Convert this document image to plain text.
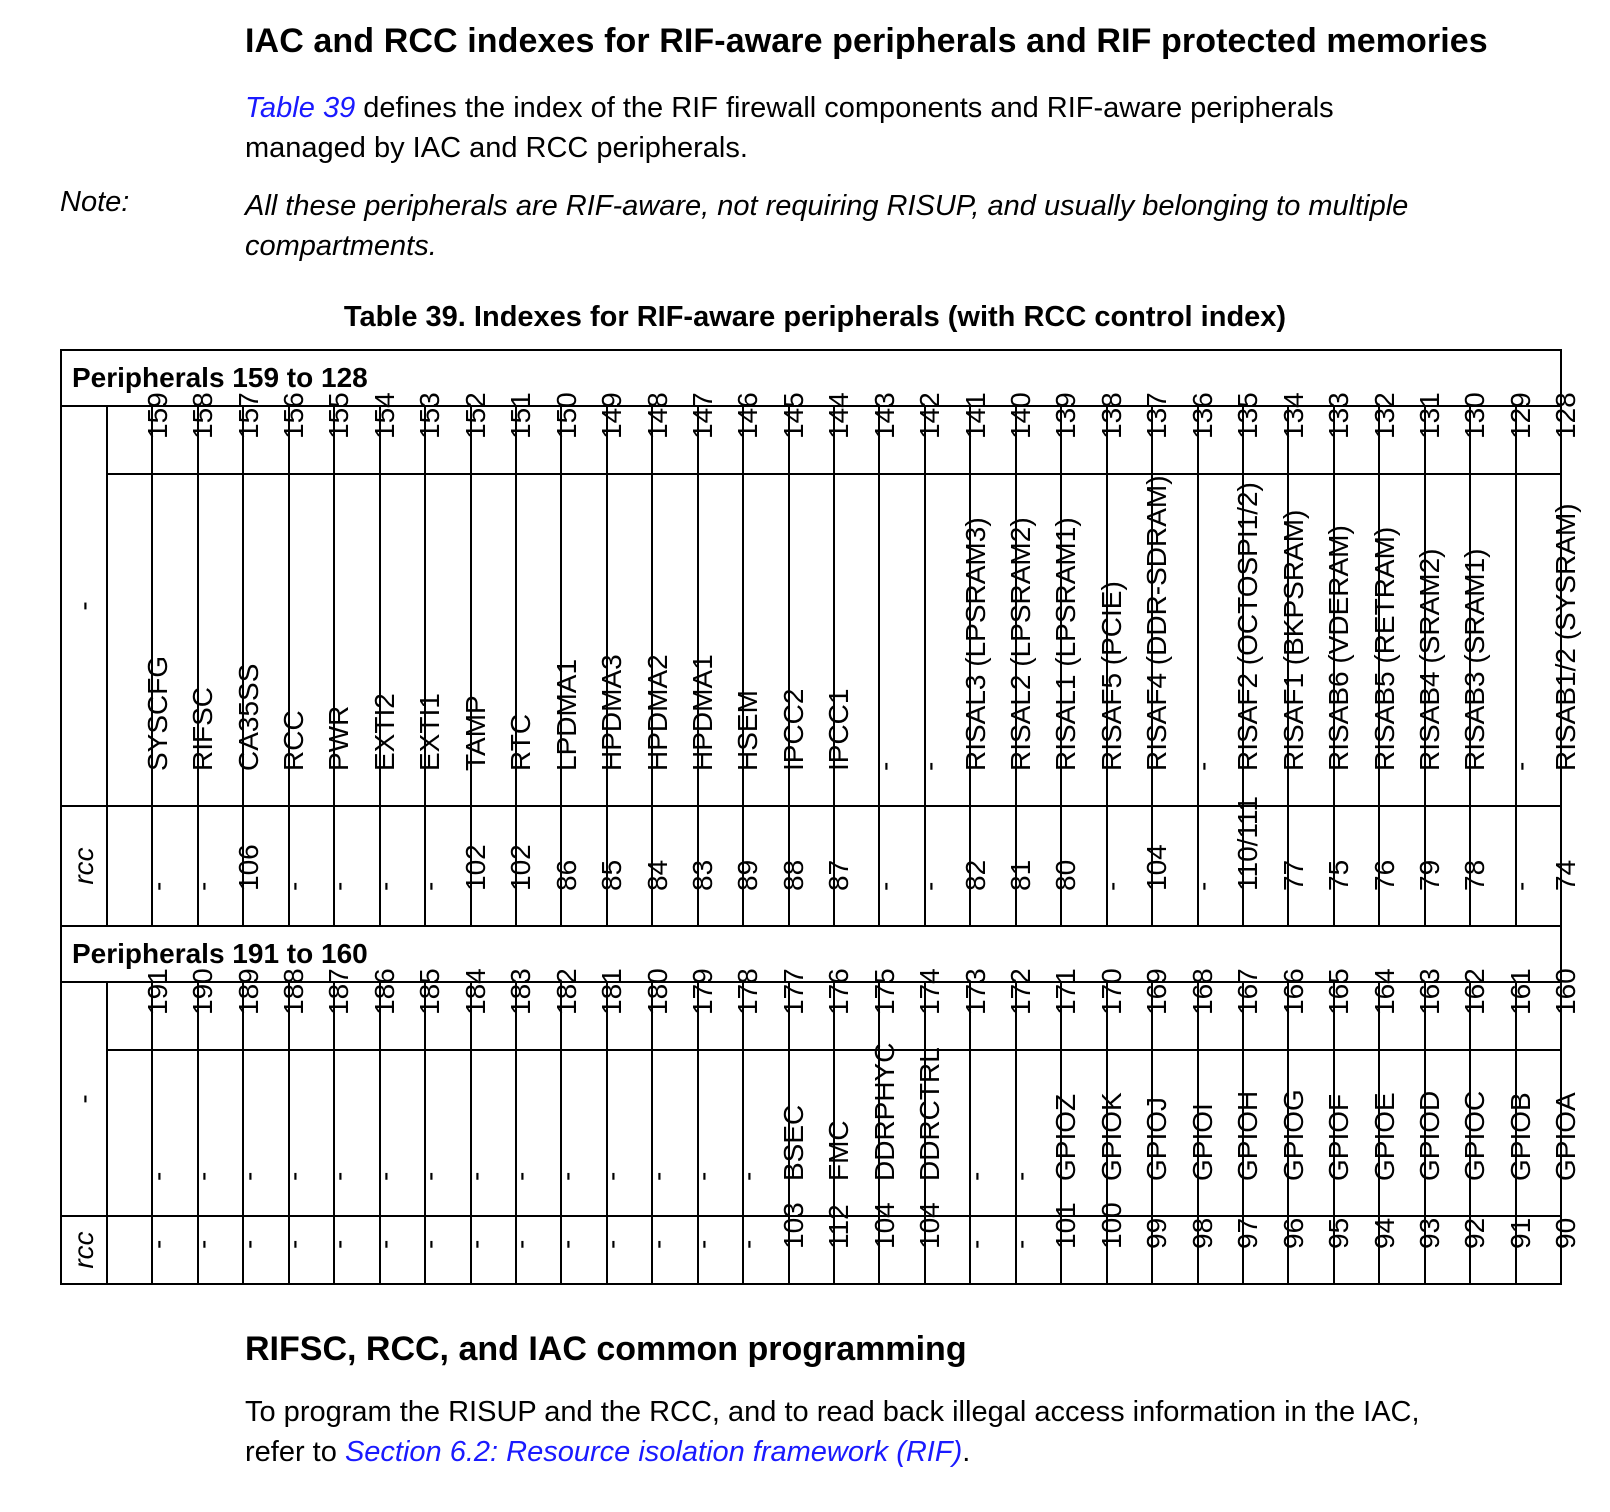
IAC and RCC indexes for RIF-aware peripherals and RIF protected memories
Table 39 defines the index of the RIF firewall components and RIF-aware peripherals
managed by IAC and RCC peripherals.
Note:	All these peripherals are RIF-aware, not requiring RISUP, and usually belonging to multiple compartments.
Table 39. Indexes for RIF-aware peripherals (with RCC control index)
Peripherals 159 to 128																																

-	159	158	157	156	155	154	153	152	151	150	149	148	147	146	145	144	143	142	141	140	139	138	137	136	135	134	133	132	131	130	129	128

	SYSCFG	RIFSC	CA35SS	RCC	PWR	EXTI2	EXTI1	TAMP	RTC	LPDMA1	HPDMA3	HPDMA2	HPDMA1	HSEM	IPCC2	IPCC1	-	-	RISAL3 (LPSRAM3)	RISAL2 (LPSRAM2)	RISAL1 (LPSRAM1)	RISAF5 (PCIE)	RISAF4 (DDR-SDRAM)	-	RISAF2 (OCTOSPI1/2)	RISAF1 (BKPSRAM)	RISAB6 (VDERAM)	RISAB5 (RETRAM)	RISAB4 (SRAM2)	RISAB3 (SRAM1)	-	RISAB1/2 (SYSRAM)

rcc	-	-	106	-	-	-	-	102	102	86	85	84	83	89	88	87	-	-	82	81	80	-	104	-	110/111	77	75	76	79	78	-	74

Peripherals 191 to 160																																

-	191	190	189	188	187	186	185	184	183	182	181	180	179	178	177	176	175	174	173	172	171	170	169	168	167	166	165	164	163	162	161	160

	-	-	-	-	-	-	-	-	-	-	-	-	-	-	BSEC	FMC	DDRPHYC	DDRCTRL	-	-	GPIOZ	GPIOK	GPIOJ	GPIOI	GPIOH	GPIOG	GPIOF	GPIOE	GPIOD	GPIOC	GPIOB	GPIOA

rcc	-	-	-	-	-	-	-	-	-	-	-	-	-	-	103	112	104	104	-	-	101	100	99	98	97	96	95	94	93	92	91	90
RIFSC, RCC, and IAC common programming
To program the RISUP and the RCC, and to read back illegal access information in the IAC,
refer to Section 6.2: Resource isolation framework (RIF).
